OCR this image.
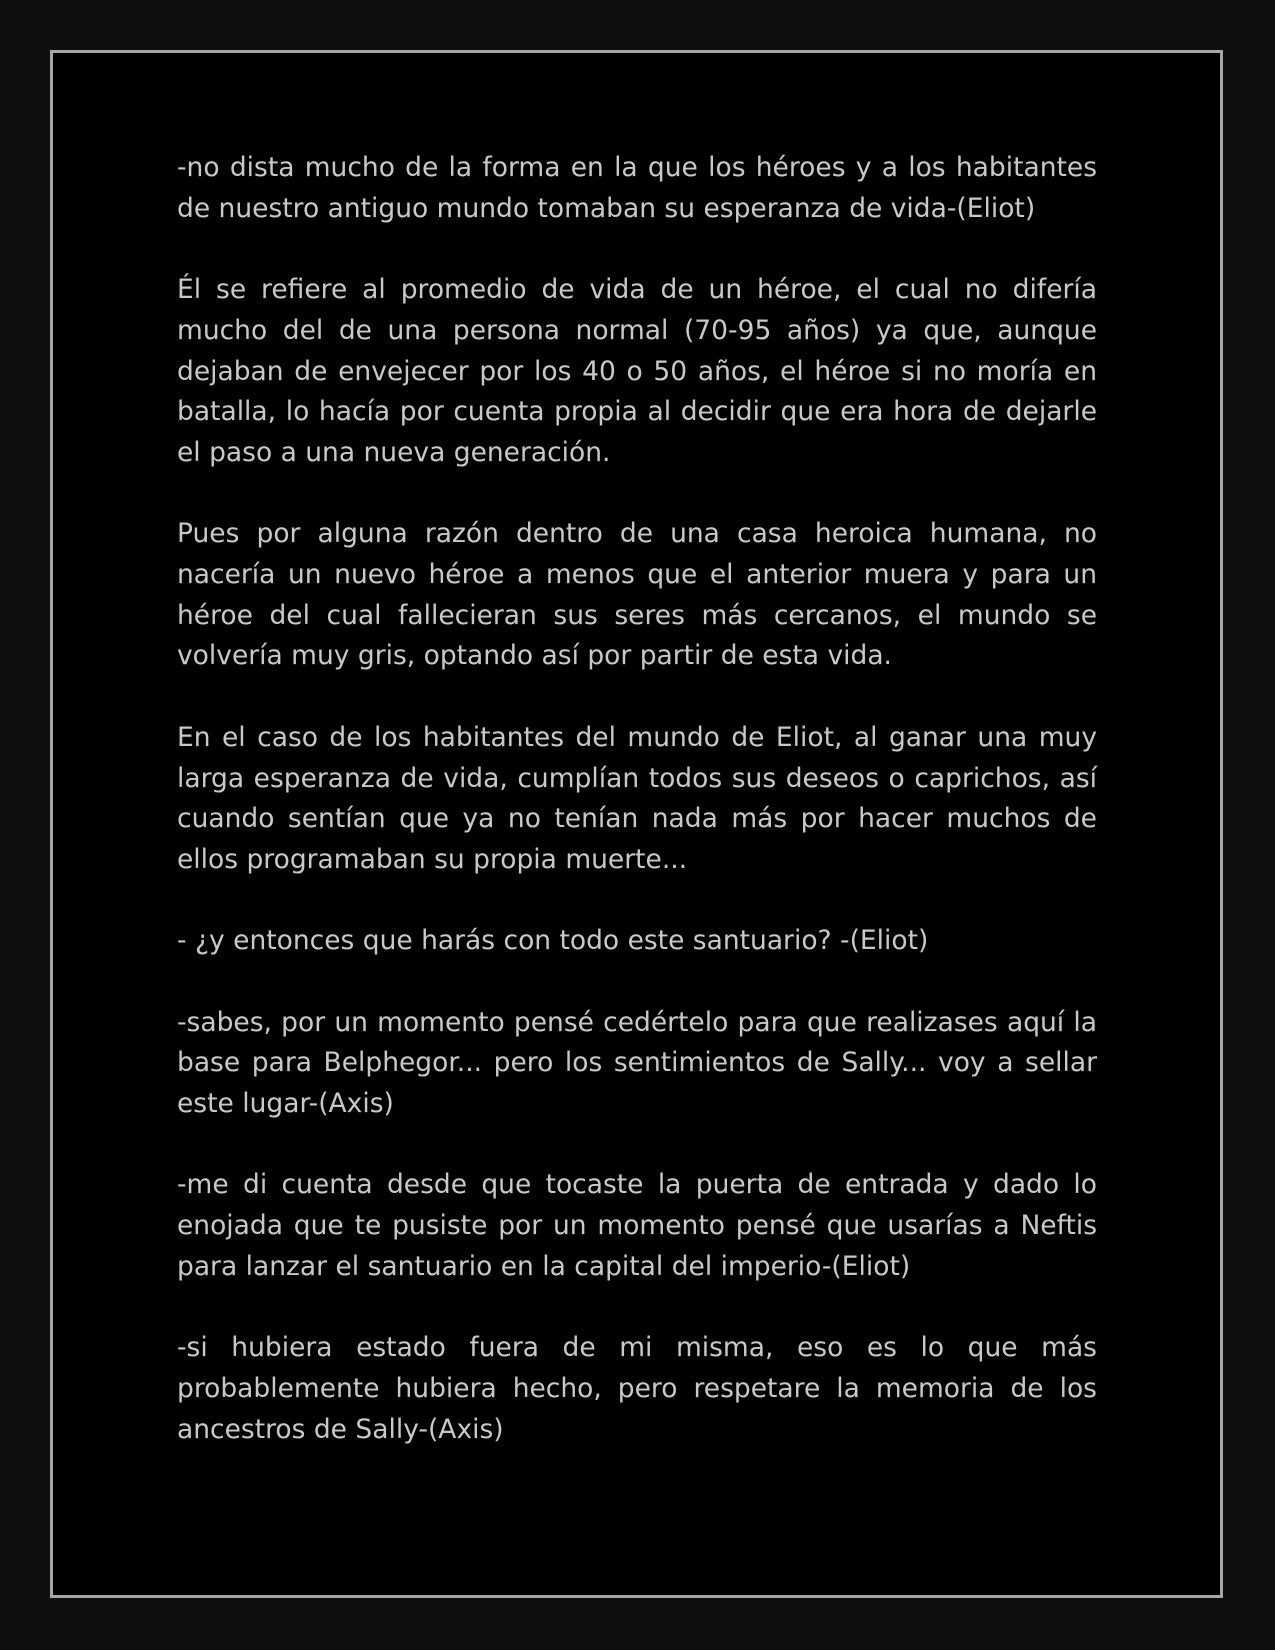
-no dista mucho de la forma en la que los héroes y a los habitantes de nuestro antiguo mundo tomaban su esperanza de vida-(Eliot)

Él se refiere al promedio de vida de un héroe, el cual no difería mucho del de una persona normal (70-95 años) ya que, aunque dejaban de envejecer por los 40 o 50 años, el héroe si no moría en batalla, lo hacía por cuenta propia al decidir que era hora de dejarle el paso a una nueva generación.

Pues por alguna razón dentro de una casa heroica humana, no nacería un nuevo héroe a menos que el anterior muera y para un héroe del cual fallecieran sus seres más cercanos, el mundo se volvería muy gris, optando así por partir de esta vida.

En el caso de los habitantes del mundo de Eliot, al ganar una muy larga esperanza de vida, cumplían todos sus deseos o caprichos, así cuando sentían que ya no tenían nada más por hacer muchos de ellos programaban su propia muerte...

- ¿y entonces que harás con todo este santuario? -(Eliot)

-sabes, por un momento pensé cedértelo para que realizases aquí la base para Belphegor... pero los sentimientos de Sally... voy a sellar este lugar-(Axis)

-me di cuenta desde que tocaste la puerta de entrada y dado lo enojada que te pusiste por un momento pensé que usarías a Neftis para lanzar el santuario en la capital del imperio-(Eliot)

-si hubiera estado fuera de mi misma, eso es lo que más probablemente hubiera hecho, pero respetare la memoria de los ancestros de Sally-(Axis)
